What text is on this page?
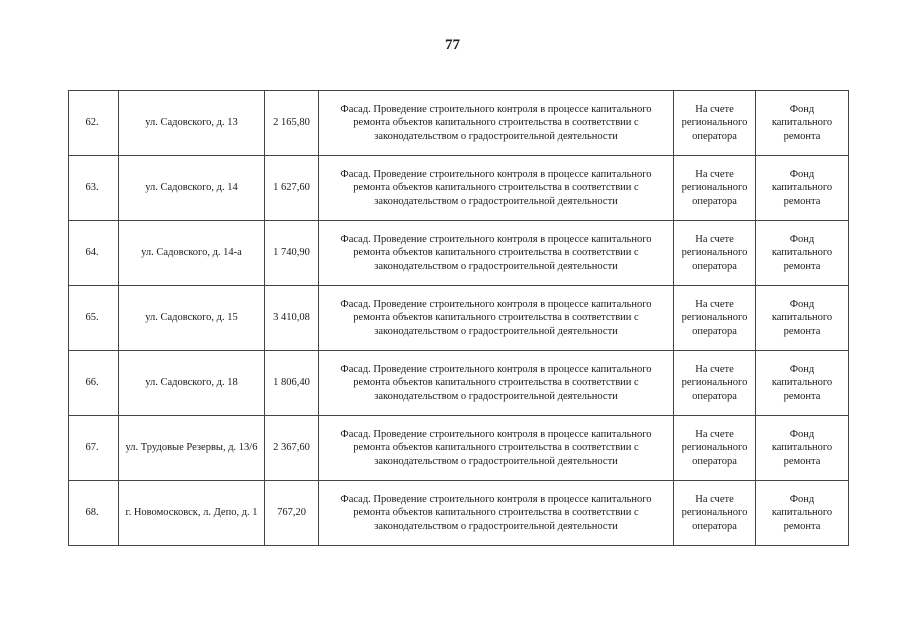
77
62.	ул. Садовского, д. 13	2 165,80	Фасад. Проведение строительного контроля в процессе капитального ремонта объектов капитального строительства в соответствии с законодательством о градостроительной деятельности	На счете регионального оператора	Фонд капитального ремонта
63.	ул. Садовского, д. 14	1 627,60	Фасад. Проведение строительного контроля в процессе капитального ремонта объектов капитального строительства в соответствии с законодательством о градостроительной деятельности	На счете регионального оператора	Фонд капитального ремонта
64.	ул. Садовского, д. 14-а	1 740,90	Фасад. Проведение строительного контроля в процессе капитального ремонта объектов капитального строительства в соответствии с законодательством о градостроительной деятельности	На счете регионального оператора	Фонд капитального ремонта
65.	ул. Садовского, д. 15	3 410,08	Фасад. Проведение строительного контроля в процессе капитального ремонта объектов капитального строительства в соответствии с законодательством о градостроительной деятельности	На счете регионального оператора	Фонд капитального ремонта
66.	ул. Садовского, д. 18	1 806,40	Фасад. Проведение строительного контроля в процессе капитального ремонта объектов капитального строительства в соответствии с законодательством о градостроительной деятельности	На счете регионального оператора	Фонд капитального ремонта
67.	ул. Трудовые Резервы, д. 13/6	2 367,60	Фасад. Проведение строительного контроля в процессе капитального ремонта объектов капитального строительства в соответствии с законодательством о градостроительной деятельности	На счете регионального оператора	Фонд капитального ремонта
68.	г. Новомосковск, л. Депо, д. 1	767,20	Фасад. Проведение строительного контроля в процессе капитального ремонта объектов капитального строительства в соответствии с законодательством о градостроительной деятельности	На счете регионального оператора	Фонд капитального ремонта
